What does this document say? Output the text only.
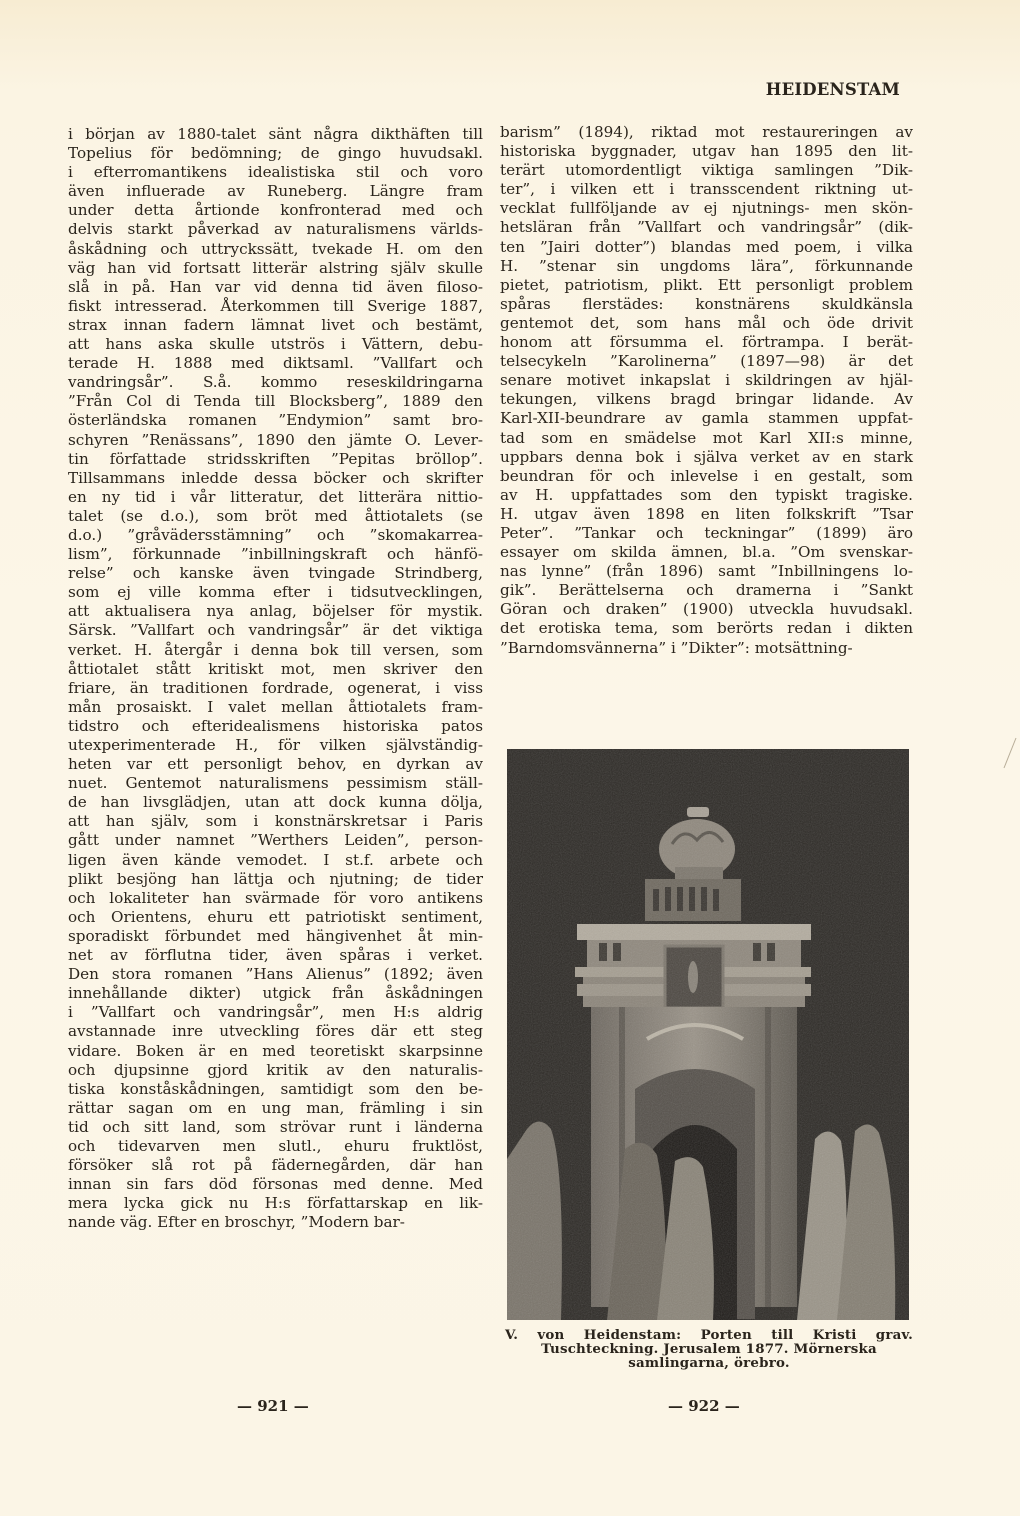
HEIDENSTAM
i början av 1880-talet sänt några dikthäften till
Topelius för bedömning; de gingo huvudsakl.
i efterromantikens idealistiska stil och voro
även influerade av Runeberg. Längre fram
under detta årtionde konfronterad med och
delvis starkt påverkad av naturalismens världs-
åskådning och uttryckssätt, tvekade H. om den
väg han vid fortsatt litterär alstring själv skulle
slå in på. Han var vid denna tid även filoso-
fiskt intresserad. Återkommen till Sverige 1887,
strax innan fadern lämnat livet och bestämt,
att hans aska skulle utströs i Vättern, debu-
terade H. 1888 med diktsaml. ”Vallfart och
vandringsår”. S.å. kommo reseskildringarna
”Från Col di Tenda till Blocksberg”, 1889 den
österländska romanen ”Endymion” samt bro-
schyren ”Renässans”, 1890 den jämte O. Lever-
tin författade stridsskriften ”Pepitas bröllop”.
Tillsammans inledde dessa böcker och skrifter
en ny tid i vår litteratur, det litterära nittio-
talet (se d.o.), som bröt med åttiotalets (se
d.o.) ”gråvädersstämning” och ”skomakarrea-
lism”, förkunnade ”inbillningskraft och hänfö-
relse” och kanske även tvingade Strindberg,
som ej ville komma efter i tidsutvecklingen,
att aktualisera nya anlag, böjelser för mystik.
Särsk. ”Vallfart och vandringsår” är det viktiga
verket. H. återgår i denna bok till versen, som
åttiotalet stått kritiskt mot, men skriver den
friare, än traditionen fordrade, ogenerat, i viss
mån prosaiskt. I valet mellan åttiotalets fram-
tidstro och efteridealismens historiska patos
utexperimenterade H., för vilken självständig-
heten var ett personligt behov, en dyrkan av
nuet. Gentemot naturalismens pessimism ställ-
de han livsglädjen, utan att dock kunna dölja,
att han själv, som i konstnärskretsar i Paris
gått under namnet ”Werthers Leiden”, person-
ligen även kände vemodet. I st.f. arbete och
plikt besjöng han lättja och njutning; de tider
och lokaliteter han svärmade för voro antikens
och Orientens, ehuru ett patriotiskt sentiment,
sporadiskt förbundet med hängivenhet åt min-
net av förflutna tider, även spåras i verket.
Den stora romanen ”Hans Alienus” (1892; även
innehållande dikter) utgick från åskådningen
i ”Vallfart och vandringsår”, men H:s aldrig
avstannade inre utveckling föres där ett steg
vidare. Boken är en med teoretiskt skarpsinne
och djupsinne gjord kritik av den naturalis-
tiska konståskådningen, samtidigt som den be-
rättar sagan om en ung man, främling i sin
tid och sitt land, som strövar runt i länderna
och tidevarven men slutl., ehuru fruktlöst,
försöker slå rot på fädernegården, där han
innan sin fars död försonas med denne. Med
mera lycka gick nu H:s författarskap en lik-
nande väg. Efter en broschyr, ”Modern bar-
barism” (1894), riktad mot restaureringen av
historiska byggnader, utgav han 1895 den lit-
terärt utomordentligt viktiga samlingen ”Dik-
ter”, i vilken ett i transscendent riktning ut-
vecklat fullföljande av ej njutnings- men skön-
hetsläran från ”Vallfart och vandringsår” (dik-
ten ”Jairi dotter”) blandas med poem, i vilka
H. ”stenar sin ungdoms lära”, förkunnande
pietet, patriotism, plikt. Ett personligt problem
spåras flerstädes: konstnärens skuldkänsla
gentemot det, som hans mål och öde drivit
honom att försumma el. förtrampa. I berät-
telsecykeln ”Karolinerna” (1897—98) är det
senare motivet inkapslat i skildringen av hjäl-
tekungen, vilkens bragd bringar lidande. Av
Karl-XII-beundrare av gamla stammen uppfat-
tad som en smädelse mot Karl XII:s minne,
uppbars denna bok i själva verket av en stark
beundran för och inlevelse i en gestalt, som
av H. uppfattades som den typiskt tragiske.
H. utgav även 1898 en liten folkskrift ”Tsar
Peter”. ”Tankar och teckningar” (1899) äro
essayer om skilda ämnen, bl.a. ”Om svenskar-
nas lynne” (från 1896) samt ”Inbillningens lo-
gik”. Berättelserna och dramerna i ”Sankt
Göran och draken” (1900) utveckla huvudsakl.
det erotiska tema, som berörts redan i dikten
”Barndomsvännerna” i ”Dikter”: motsättning-
V. von Heidenstam: Porten till Kristi grav.
Tuschteckning. Jerusalem 1877. Mörnerska
samlingarna, örebro.
— 921 —	— 922 —
